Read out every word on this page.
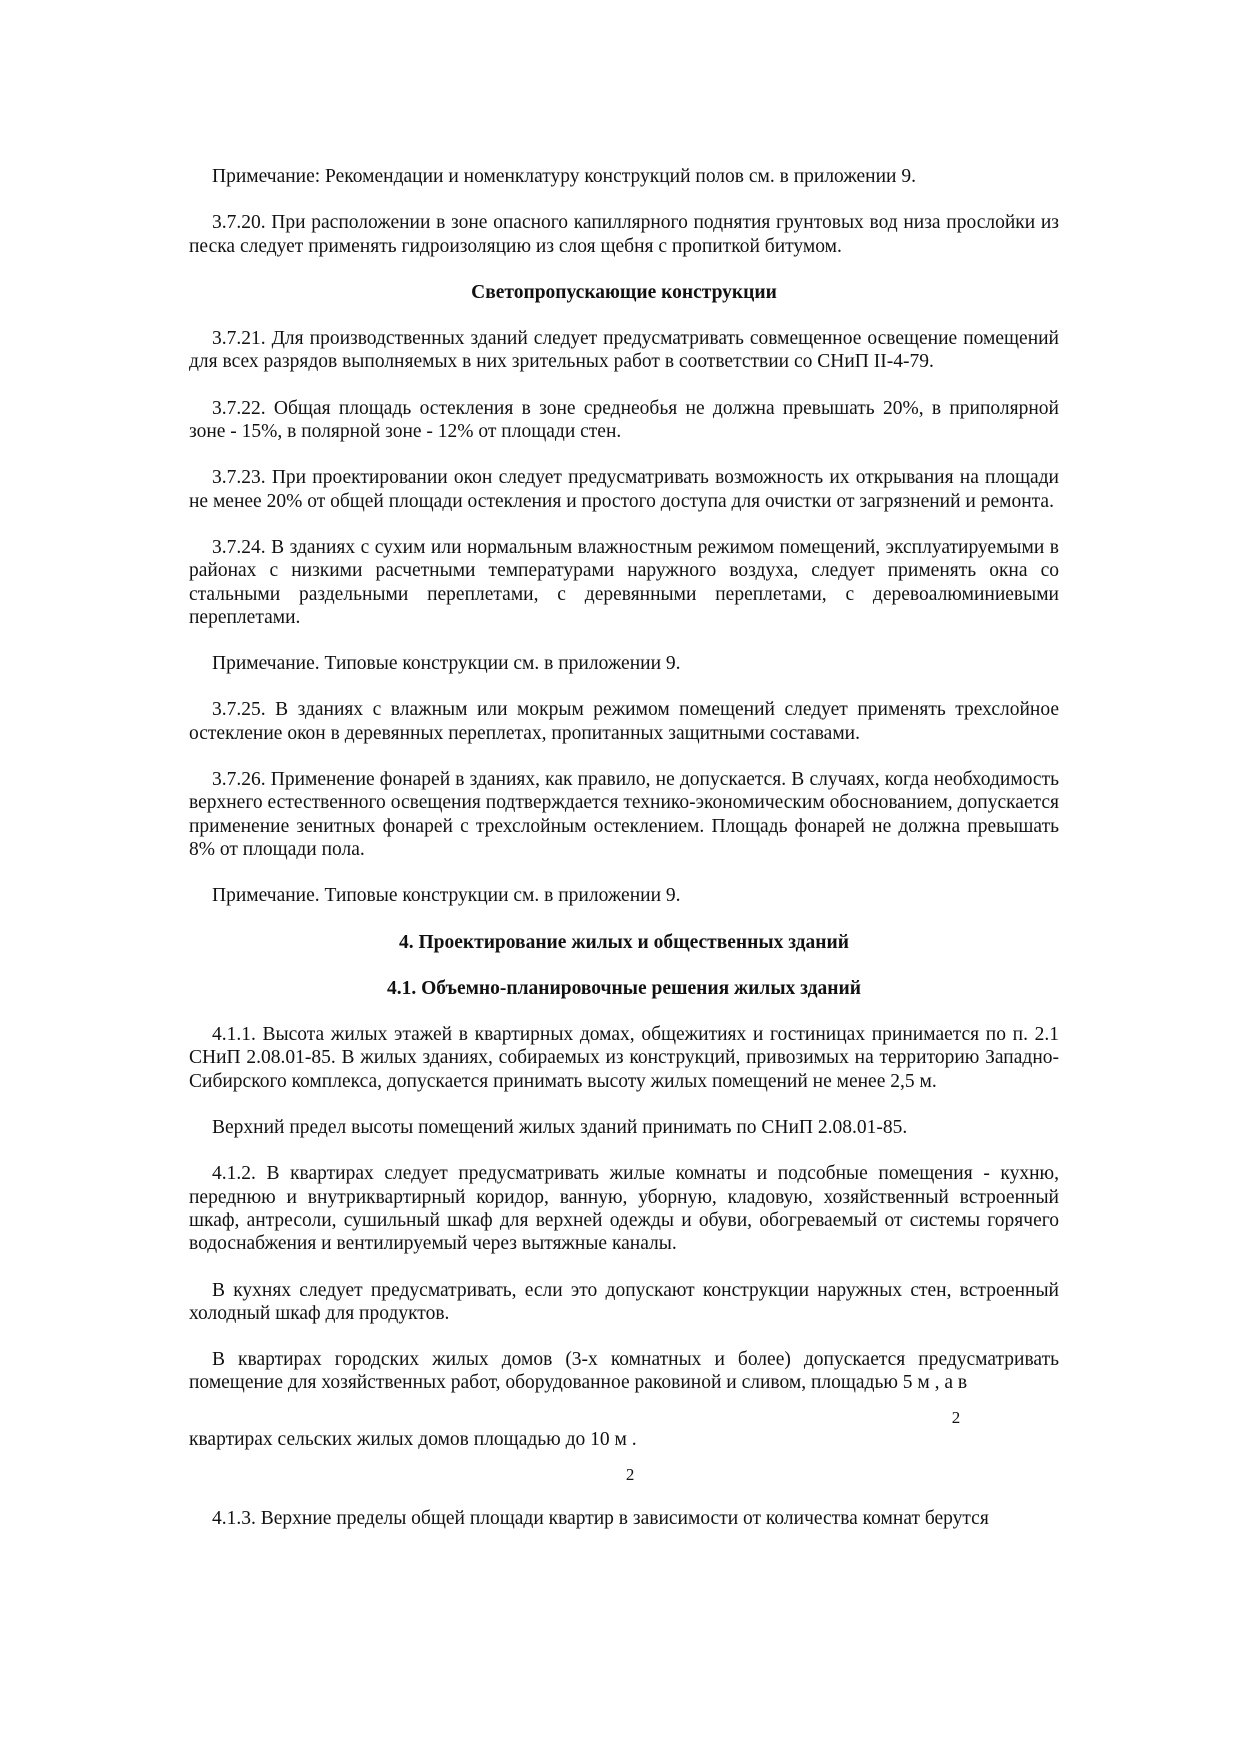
Примечание: Рекомендации и номенклатуру конструкций полов см. в приложении 9.

3.7.20. При расположении в зоне опасного капиллярного поднятия грунтовых вод низа прослойки из песка следует применять гидроизоляцию из слоя щебня с пропиткой битумом.

Светопропускающие конструкции

3.7.21. Для производственных зданий следует предусматривать совмещенное освещение помещений для всех разрядов выполняемых в них зрительных работ в соответствии со СНиП II-4-79.

3.7.22. Общая площадь остекления в зоне среднеобья не должна превышать 20%, в приполярной зоне - 15%, в полярной зоне - 12% от площади стен.

3.7.23. При проектировании окон следует предусматривать возможность их открывания на площади не менее 20% от общей площади остекления и простого доступа для очистки от загрязнений и ремонта.

3.7.24. В зданиях с сухим или нормальным влажностным режимом помещений, эксплуатируемыми в районах с низкими расчетными температурами наружного воздуха, следует применять окна со стальными раздельными переплетами, с деревянными переплетами, с деревоалюминиевыми переплетами.

Примечание. Типовые конструкции см. в приложении 9.

3.7.25. В зданиях с влажным или мокрым режимом помещений следует применять трехслойное остекление окон в деревянных переплетах, пропитанных защитными составами.

3.7.26. Применение фонарей в зданиях, как правило, не допускается. В случаях, когда необходимость верхнего естественного освещения подтверждается технико-экономическим обоснованием, допускается применение зенитных фонарей с трехслойным остеклением. Площадь фонарей не должна превышать 8% от площади пола.

Примечание. Типовые конструкции см. в приложении 9.

4. Проектирование жилых и общественных зданий

4.1. Объемно-планировочные решения жилых зданий

4.1.1. Высота жилых этажей в квартирных домах, общежитиях и гостиницах принимается по п. 2.1 СНиП 2.08.01-85. В жилых зданиях, собираемых из конструкций, привозимых на территорию Западно-Сибирского комплекса, допускается принимать высоту жилых помещений не менее 2,5 м.

Верхний предел высоты помещений жилых зданий принимать по СНиП 2.08.01-85.

4.1.2. В квартирах следует предусматривать жилые комнаты и подсобные помещения - кухню, переднюю и внутриквартирный коридор, ванную, уборную, кладовую, хозяйственный встроенный шкаф, антресоли, сушильный шкаф для верхней одежды и обуви, обогреваемый от системы горячего водоснабжения и вентилируемый через вытяжные каналы.

В кухнях следует предусматривать, если это допускают конструкции наружных стен, встроенный холодный шкаф для продуктов.

В квартирах городских жилых домов (3-х комнатных и более) допускается предусматривать помещение для хозяйственных работ, оборудованное раковиной и сливом, площадью 5 м
2
, а в

квартирах сельских жилых домов площадью до 10 м
2
.

4.1.3. Верхние пределы общей площади квартир в зависимости от количества комнат берутся
